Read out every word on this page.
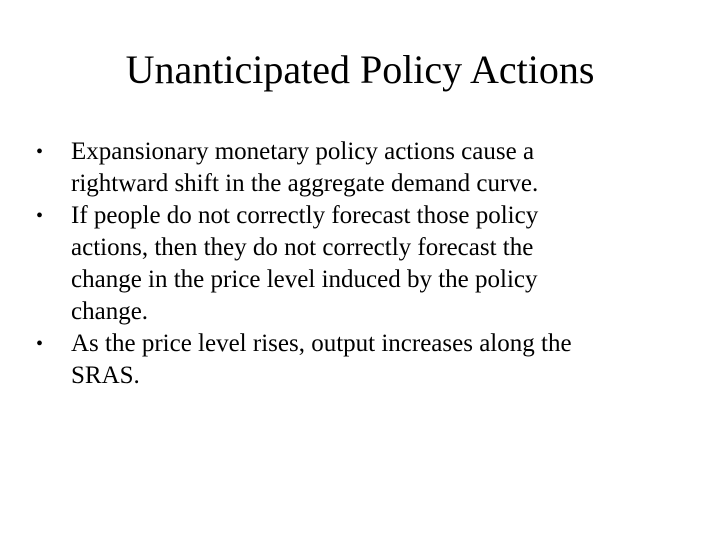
Unanticipated Policy Actions
•	Expansionary monetary policy actions cause a
rightward shift in the aggregate demand curve.
•	If people do not correctly forecast those policy
actions, then they do not correctly forecast the
change in the price level induced by the policy
change.
•	As the price level rises, output increases along the
SRAS.
